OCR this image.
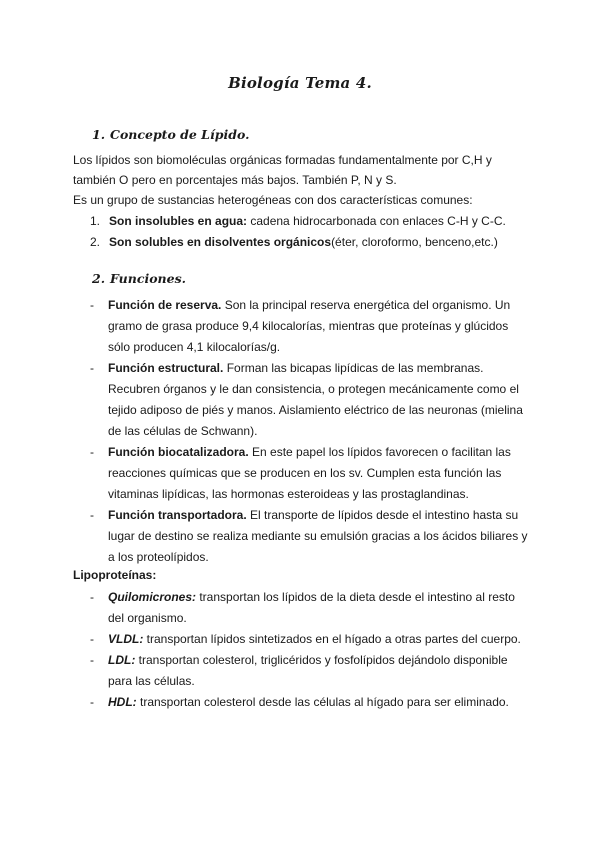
Biología Tema 4.
1. Concepto de Lípido.
Los lípidos son biomoléculas orgánicas formadas fundamentalmente por C,H y
también O pero en porcentajes más bajos. También P, N y S.
Es un grupo de sustancias heterogéneas con dos características comunes:
1. Son insolubles en agua: cadena hidrocarbonada con enlaces C-H y C-C.
2. Son solubles en disolventes orgánicos(éter, cloroformo, benceno,etc.)
2. Funciones.
- Función de reserva. Son la principal reserva energética del organismo. Un gramo de grasa produce 9,4 kilocalorías, mientras que proteínas y glúcidos sólo producen 4,1 kilocalorías/g.
- Función estructural. Forman las bicapas lipídicas de las membranas. Recubren órganos y le dan consistencia, o protegen mecánicamente como el tejido adiposo de piés y manos. Aislamiento eléctrico de las neuronas (mielina de las células de Schwann).
- Función biocatalizadora. En este papel los lípidos favorecen o facilitan las reacciones químicas que se producen en los sv. Cumplen esta función las vitaminas lipídicas, las hormonas esteroideas y las prostaglandinas.
- Función transportadora. El transporte de lípidos desde el intestino hasta su lugar de destino se realiza mediante su emulsión gracias a los ácidos biliares y a los proteolípidos.
Lipoproteínas:
- Quilomicrones: transportan los lípidos de la dieta desde el intestino al resto del organismo.
- VLDL: transportan lípidos sintetizados en el hígado a otras partes del cuerpo.
- LDL: transportan colesterol, triglicéridos y fosfolípidos dejándolo disponible para las células.
- HDL: transportan colesterol desde las células al hígado para ser eliminado.
